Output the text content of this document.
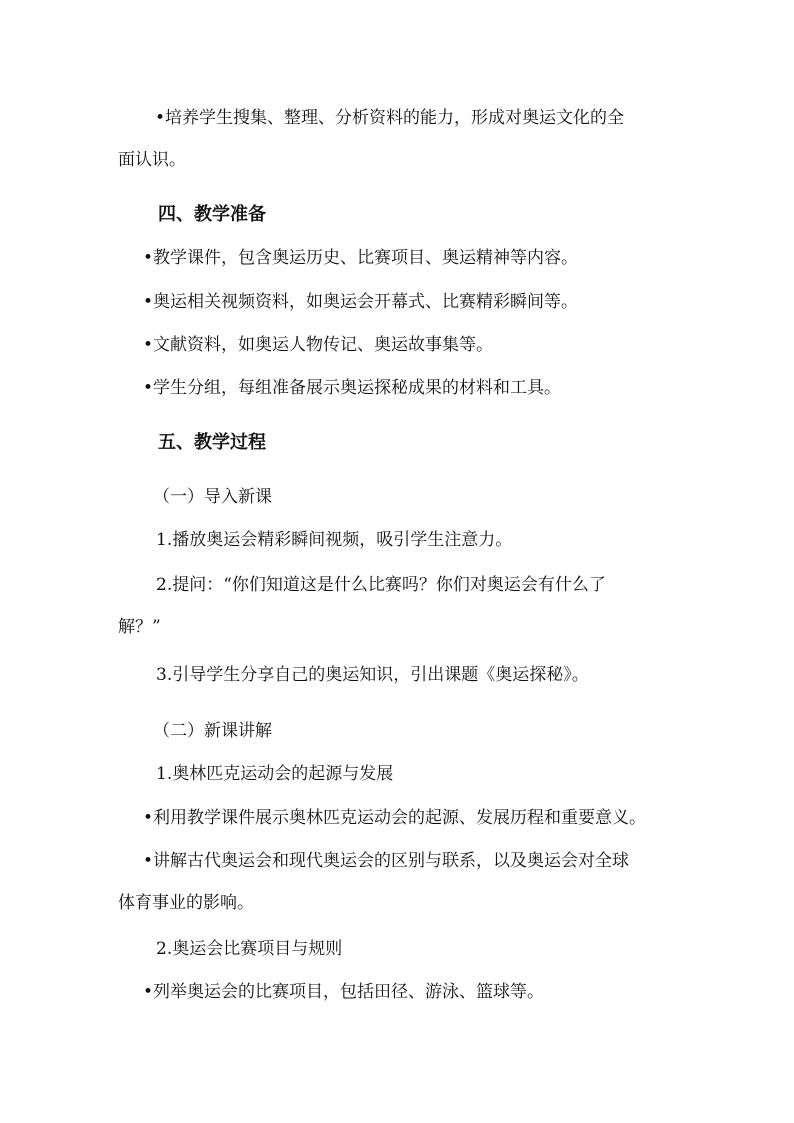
•培养学生搜集、整理、分析资料的能力，形成对奥运文化的全
面认识。
四、教学准备
•教学课件，包含奥运历史、比赛项目、奥运精神等内容。
•奥运相关视频资料，如奥运会开幕式、比赛精彩瞬间等。
•文献资料，如奥运人物传记、奥运故事集等。
•学生分组，每组准备展示奥运探秘成果的材料和工具。
五、教学过程
（一）导入新课
1.播放奥运会精彩瞬间视频，吸引学生注意力。
2.提问：“你们知道这是什么比赛吗？你们对奥运会有什么了
解？”
3.引导学生分享自己的奥运知识，引出课题《奥运探秘》。
（二）新课讲解
1.奥林匹克运动会的起源与发展
•利用教学课件展示奥林匹克运动会的起源、发展历程和重要意义。
•讲解古代奥运会和现代奥运会的区别与联系，以及奥运会对全球
体育事业的影响。
2.奥运会比赛项目与规则
•列举奥运会的比赛项目，包括田径、游泳、篮球等。
